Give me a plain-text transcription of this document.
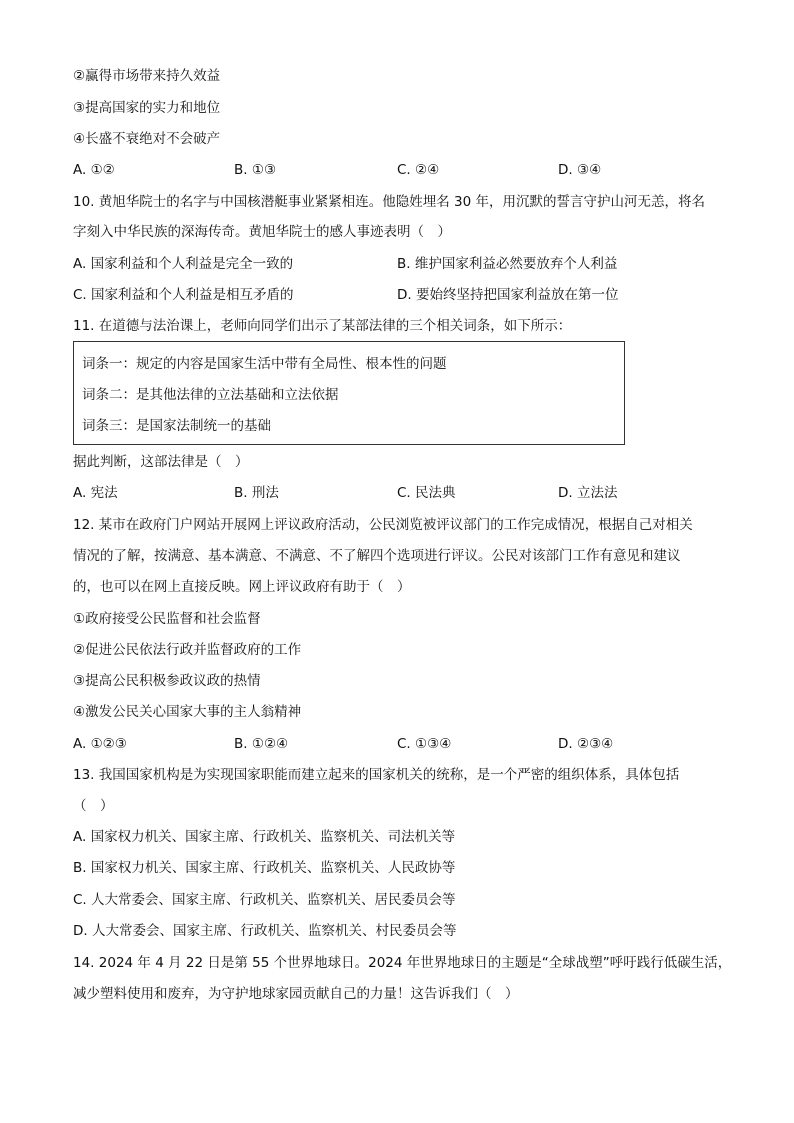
②赢得市场带来持久效益
③提高国家的实力和地位
④长盛不衰绝对不会破产
A. ①②	B. ①③	C. ②④	D. ③④
10. 黄旭华院士的名字与中国核潜艇事业紧紧相连。他隐姓埋名 30 年，用沉默的誓言守护山河无恙，将名
字刻入中华民族的深海传奇。黄旭华院士的感人事迹表明（　）
A. 国家利益和个人利益是完全一致的	B. 维护国家利益必然要放弃个人利益
C. 国家利益和个人利益是相互矛盾的	D. 要始终坚持把国家利益放在第一位
11. 在道德与法治课上，老师向同学们出示了某部法律的三个相关词条，如下所示：
词条一：规定的内容是国家生活中带有全局性、根本性的问题
词条二：是其他法律的立法基础和立法依据
词条三：是国家法制统一的基础
据此判断，这部法律是（　）
A. 宪法	B. 刑法	C. 民法典	D. 立法法
12. 某市在政府门户网站开展网上评议政府活动，公民浏览被评议部门的工作完成情况，根据自己对相关
情况的了解，按满意、基本满意、不满意、不了解四个选项进行评议。公民对该部门工作有意见和建议
的，也可以在网上直接反映。网上评议政府有助于（　）
①政府接受公民监督和社会监督
②促进公民依法行政并监督政府的工作
③提高公民积极参政议政的热情
④激发公民关心国家大事的主人翁精神
A. ①②③	B. ①②④	C. ①③④	D. ②③④
13. 我国国家机构是为实现国家职能而建立起来的国家机关的统称，是一个严密的组织体系，具体包括
（　）
A. 国家权力机关、国家主席、行政机关、监察机关、司法机关等
B. 国家权力机关、国家主席、行政机关、监察机关、人民政协等
C. 人大常委会、国家主席、行政机关、监察机关、居民委员会等
D. 人大常委会、国家主席、行政机关、监察机关、村民委员会等
14. 2024 年 4 月 22 日是第 55 个世界地球日。2024 年世界地球日的主题是“全球战塑”呼吁践行低碳生活，
减少塑料使用和废弃，为守护地球家园贡献自己的力量！这告诉我们（　）
